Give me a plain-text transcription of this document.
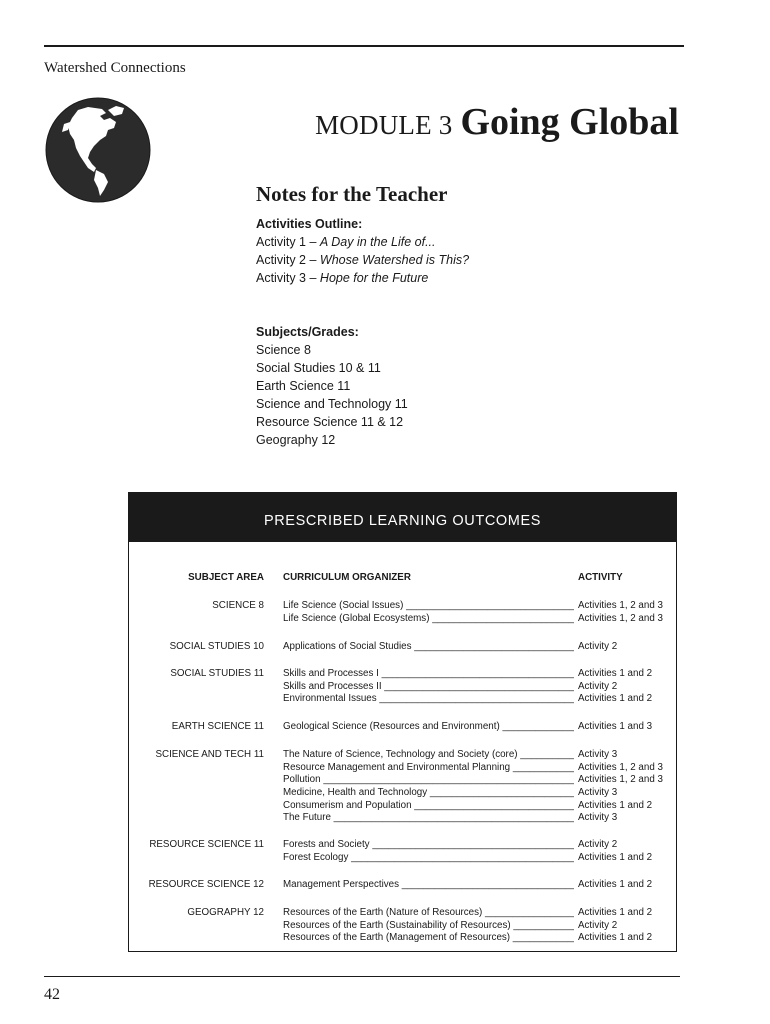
Watershed Connections
MODULE 3 Going Global
Notes for the Teacher
Activities Outline:
Activity 1 – A Day in the Life of...
Activity 2 – Whose Watershed is This?
Activity 3 – Hope for the Future
Subjects/Grades:
Science 8
Social Studies 10 & 11
Earth Science 11
Science and Technology 11
Resource Science 11 & 12
Geography 12
PRESCRIBED LEARNING OUTCOMES
SUBJECT AREA CURRICULUM ORGANIZER	ACTIVITY
SCIENCE 8 Life Science (Social Issues) _____	Activities 1, 2 and 3
Life Science (Global Ecosystems) _____	Activities 1, 2 and 3
SOCIAL STUDIES 10 Applications of Social Studies _____	Activity 2
SOCIAL STUDIES 11 Skills and Processes I _____	Activities 1 and 2
Skills and Processes II _____	Activity 2
Environmental Issues _____	Activities 1 and 2
EARTH SCIENCE 11 Geological Science (Resources and Environment) _____	Activities 1 and 3
SCIENCE AND TECH 11 The Nature of Science, Technology and Society (core) _____	Activity 3
Resource Management and Environmental Planning _____	Activities 1, 2 and 3
Pollution _____	Activities 1, 2 and 3
Medicine, Health and Technology _____	Activity 3
Consumerism and Population _____	Activities 1 and 2
The Future _____	Activity 3
RESOURCE SCIENCE 11 Forests and Society _____	Activity 2
Forest Ecology _____	Activities 1 and 2
RESOURCE SCIENCE 12 Management Perspectives _____	Activities 1 and 2
GEOGRAPHY 12 Resources of the Earth (Nature of Resources) _____	Activities 1 and 2
Resources of the Earth (Sustainability of Resources) _____	Activity 2
Resources of the Earth (Management of Resources) _____	Activities 1 and 2
42
